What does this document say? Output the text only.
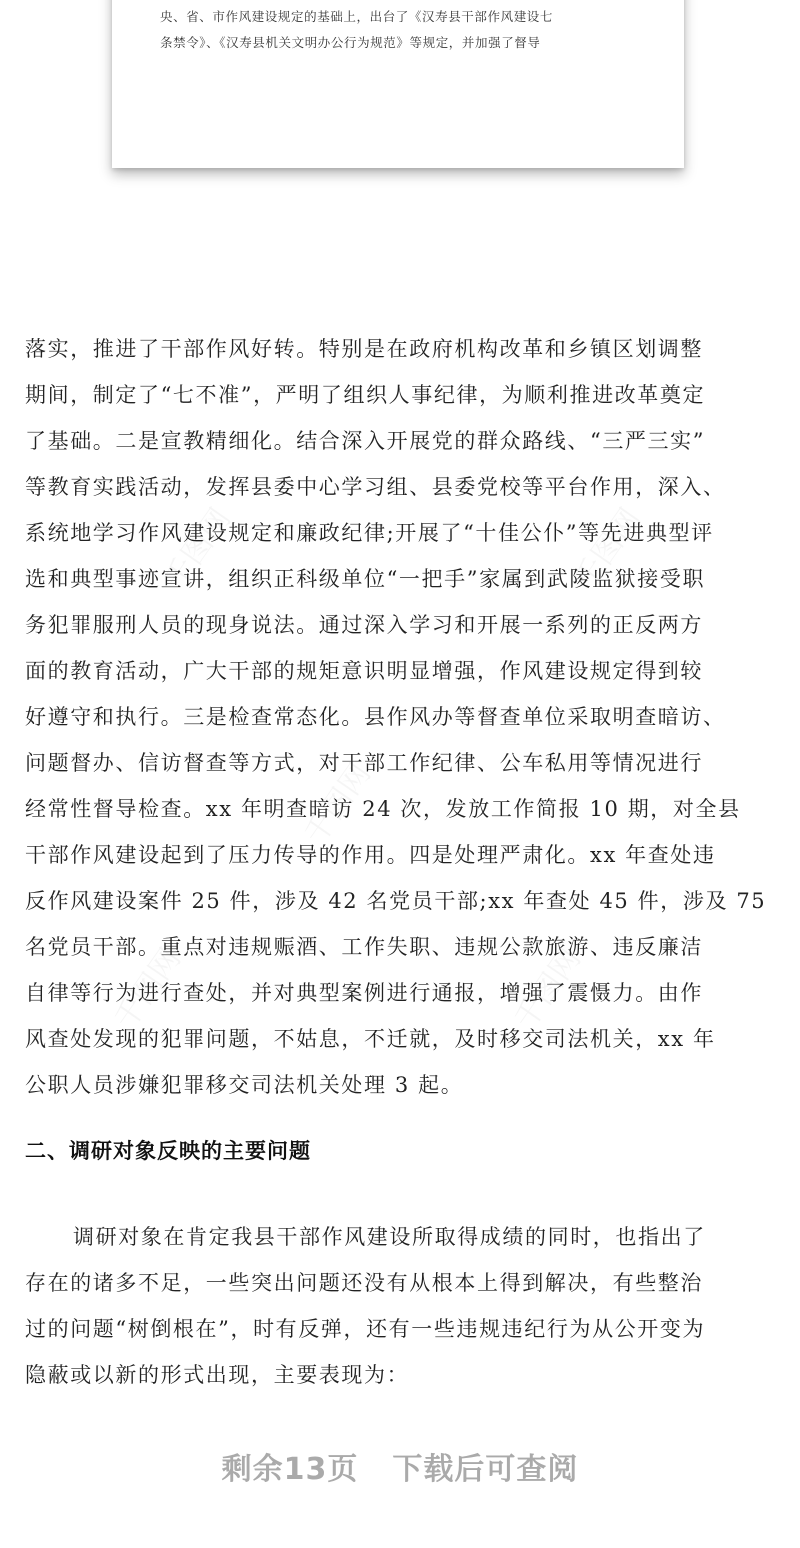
央、省、市作风建设规定的基础上，出台了《汉寿县干部作风建设七
条禁令》、《汉寿县机关文明办公行为规范》等规定，并加强了督导
落实，推进了干部作风好转。特别是在政府机构改革和乡镇区划调整
期间，制定了“七不准”，严明了组织人事纪律，为顺利推进改革奠定
了基础。二是宣教精细化。结合深入开展党的群众路线、“三严三实”
等教育实践活动，发挥县委中心学习组、县委党校等平台作用，深入、
系统地学习作风建设规定和廉政纪律;开展了“十佳公仆”等先进典型评
选和典型事迹宣讲，组织正科级单位“一把手”家属到武陵监狱接受职
务犯罪服刑人员的现身说法。通过深入学习和开展一系列的正反两方
面的教育活动，广大干部的规矩意识明显增强，作风建设规定得到较
好遵守和执行。三是检查常态化。县作风办等督查单位采取明查暗访、
问题督办、信访督查等方式，对干部工作纪律、公车私用等情况进行
经常性督导检查。xx 年明查暗访 24 次，发放工作简报 10 期，对全县
干部作风建设起到了压力传导的作用。四是处理严肃化。xx 年查处违
反作风建设案件 25 件，涉及 42 名党员干部;xx 年查处 45 件，涉及 75
名党员干部。重点对违规赈酒、工作失职、违规公款旅游、违反廉洁
自律等行为进行查处，并对典型案例进行通报，增强了震慑力。由作
风查处发现的犯罪问题，不姑息，不迁就，及时移交司法机关，xx 年
公职人员涉嫌犯罪移交司法机关处理 3 起。
二、调研对象反映的主要问题
调研对象在肯定我县干部作风建设所取得成绩的同时，也指出了
存在的诸多不足，一些突出问题还没有从根本上得到解决，有些整治
过的问题“树倒根在”，时有反弹，还有一些违规违纪行为从公开变为
隐蔽或以新的形式出现，主要表现为：
剩余13页 下载后可查阅
